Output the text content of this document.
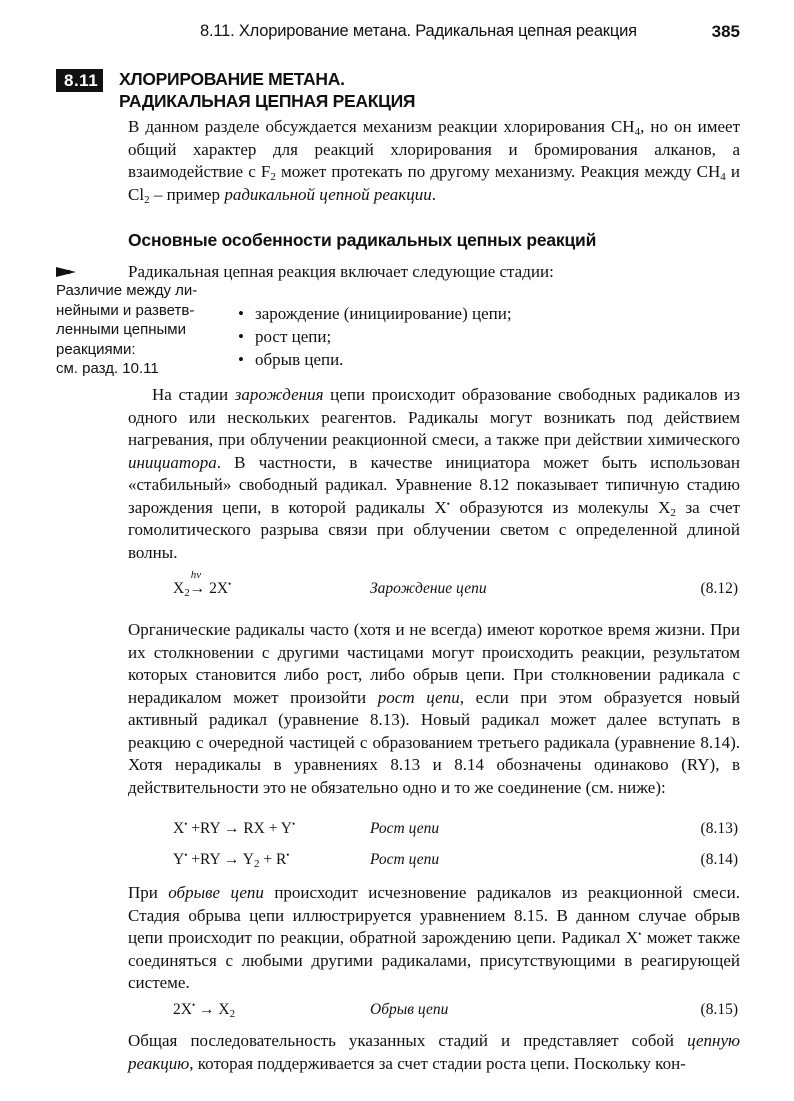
8.11. Хлорирование метана. Радикальная цепная реакция	385
8.11 ХЛОРИРОВАНИЕ МЕТАНА.
РАДИКАЛЬНАЯ ЦЕПНАЯ РЕАКЦИЯ

В данном разделе обсуждается механизм реакции хлорирования $CH_4$, но он имеет общий характер для реакций хлорирования и бромирования алканов, а взаимодействие с $F_2$ может протекать по другому механизму. Реакция между $CH_4$ и $Cl_2$ – пример радикальной цепной реакции.

Основные особенности радикальных цепных реакций
Различие между ли-
нейными и разветв-
ленными цепными
реакциями:
см. разд. 10.11
Радикальная цепная реакция включает следующие стадии:
• зарождение (инициирование) цепи;
• рост цепи;
• обрыв цепи.

На стадии зарождения цепи происходит образование свободных радикалов из одного или нескольких реагентов. Радикалы могут возникать под действием нагревания, при облучении реакционной смеси, а также при действии химического инициатора. В частности, в качестве инициатора может быть использован «стабильный» свободный радикал. Уравнение 8.12 показывает типичную стадию зарождения цепи, в которой радикалы X• образуются из молекулы $X_2$ за счет гомолитического разрыва связи при облучении светом с определенной длиной волны.

$X_2$
hν
→ 2X•	Зарождение цепи	(8.12)

Органические радикалы часто (хотя и не всегда) имеют короткое время жизни. При их столкновении с другими частицами могут происходить реакции, результатом которых становится либо рост, либо обрыв цепи. При столкновении радикала с нерадикалом может произойти рост цепи, если при этом образуется новый активный радикал (уравнение 8.13). Новый радикал может далее вступать в реакцию с очередной частицей с образованием третьего радикала (уравнение 8.14). Хотя нерадикалы в уравнениях 8.13 и 8.14 обозначены одинаково (RY), в действительности это не обязательно одно и то же соединение (см. ниже):

X• +RY → RX + Y•	Рост цепи	(8.13)
$Y^• +RY \to Y_2 + R^•$	Рост цепи	(8.14)

При обрыве цепи происходит исчезновение радикалов из реакционной смеси. Стадия обрыва цепи иллюстрируется уравнением 8.15. В данном случае обрыв цепи происходит по реакции, обратной зарождению цепи. Радикал X• может также соединяться с любыми другими радикалами, присутствующими в реагирующей системе.

$2X^• \to X_2$	Обрыв цепи	(8.15)

Общая последовательность указанных стадий и представляет собой цепную реакцию, которая поддерживается за счет стадии роста цепи. Поскольку кон-
